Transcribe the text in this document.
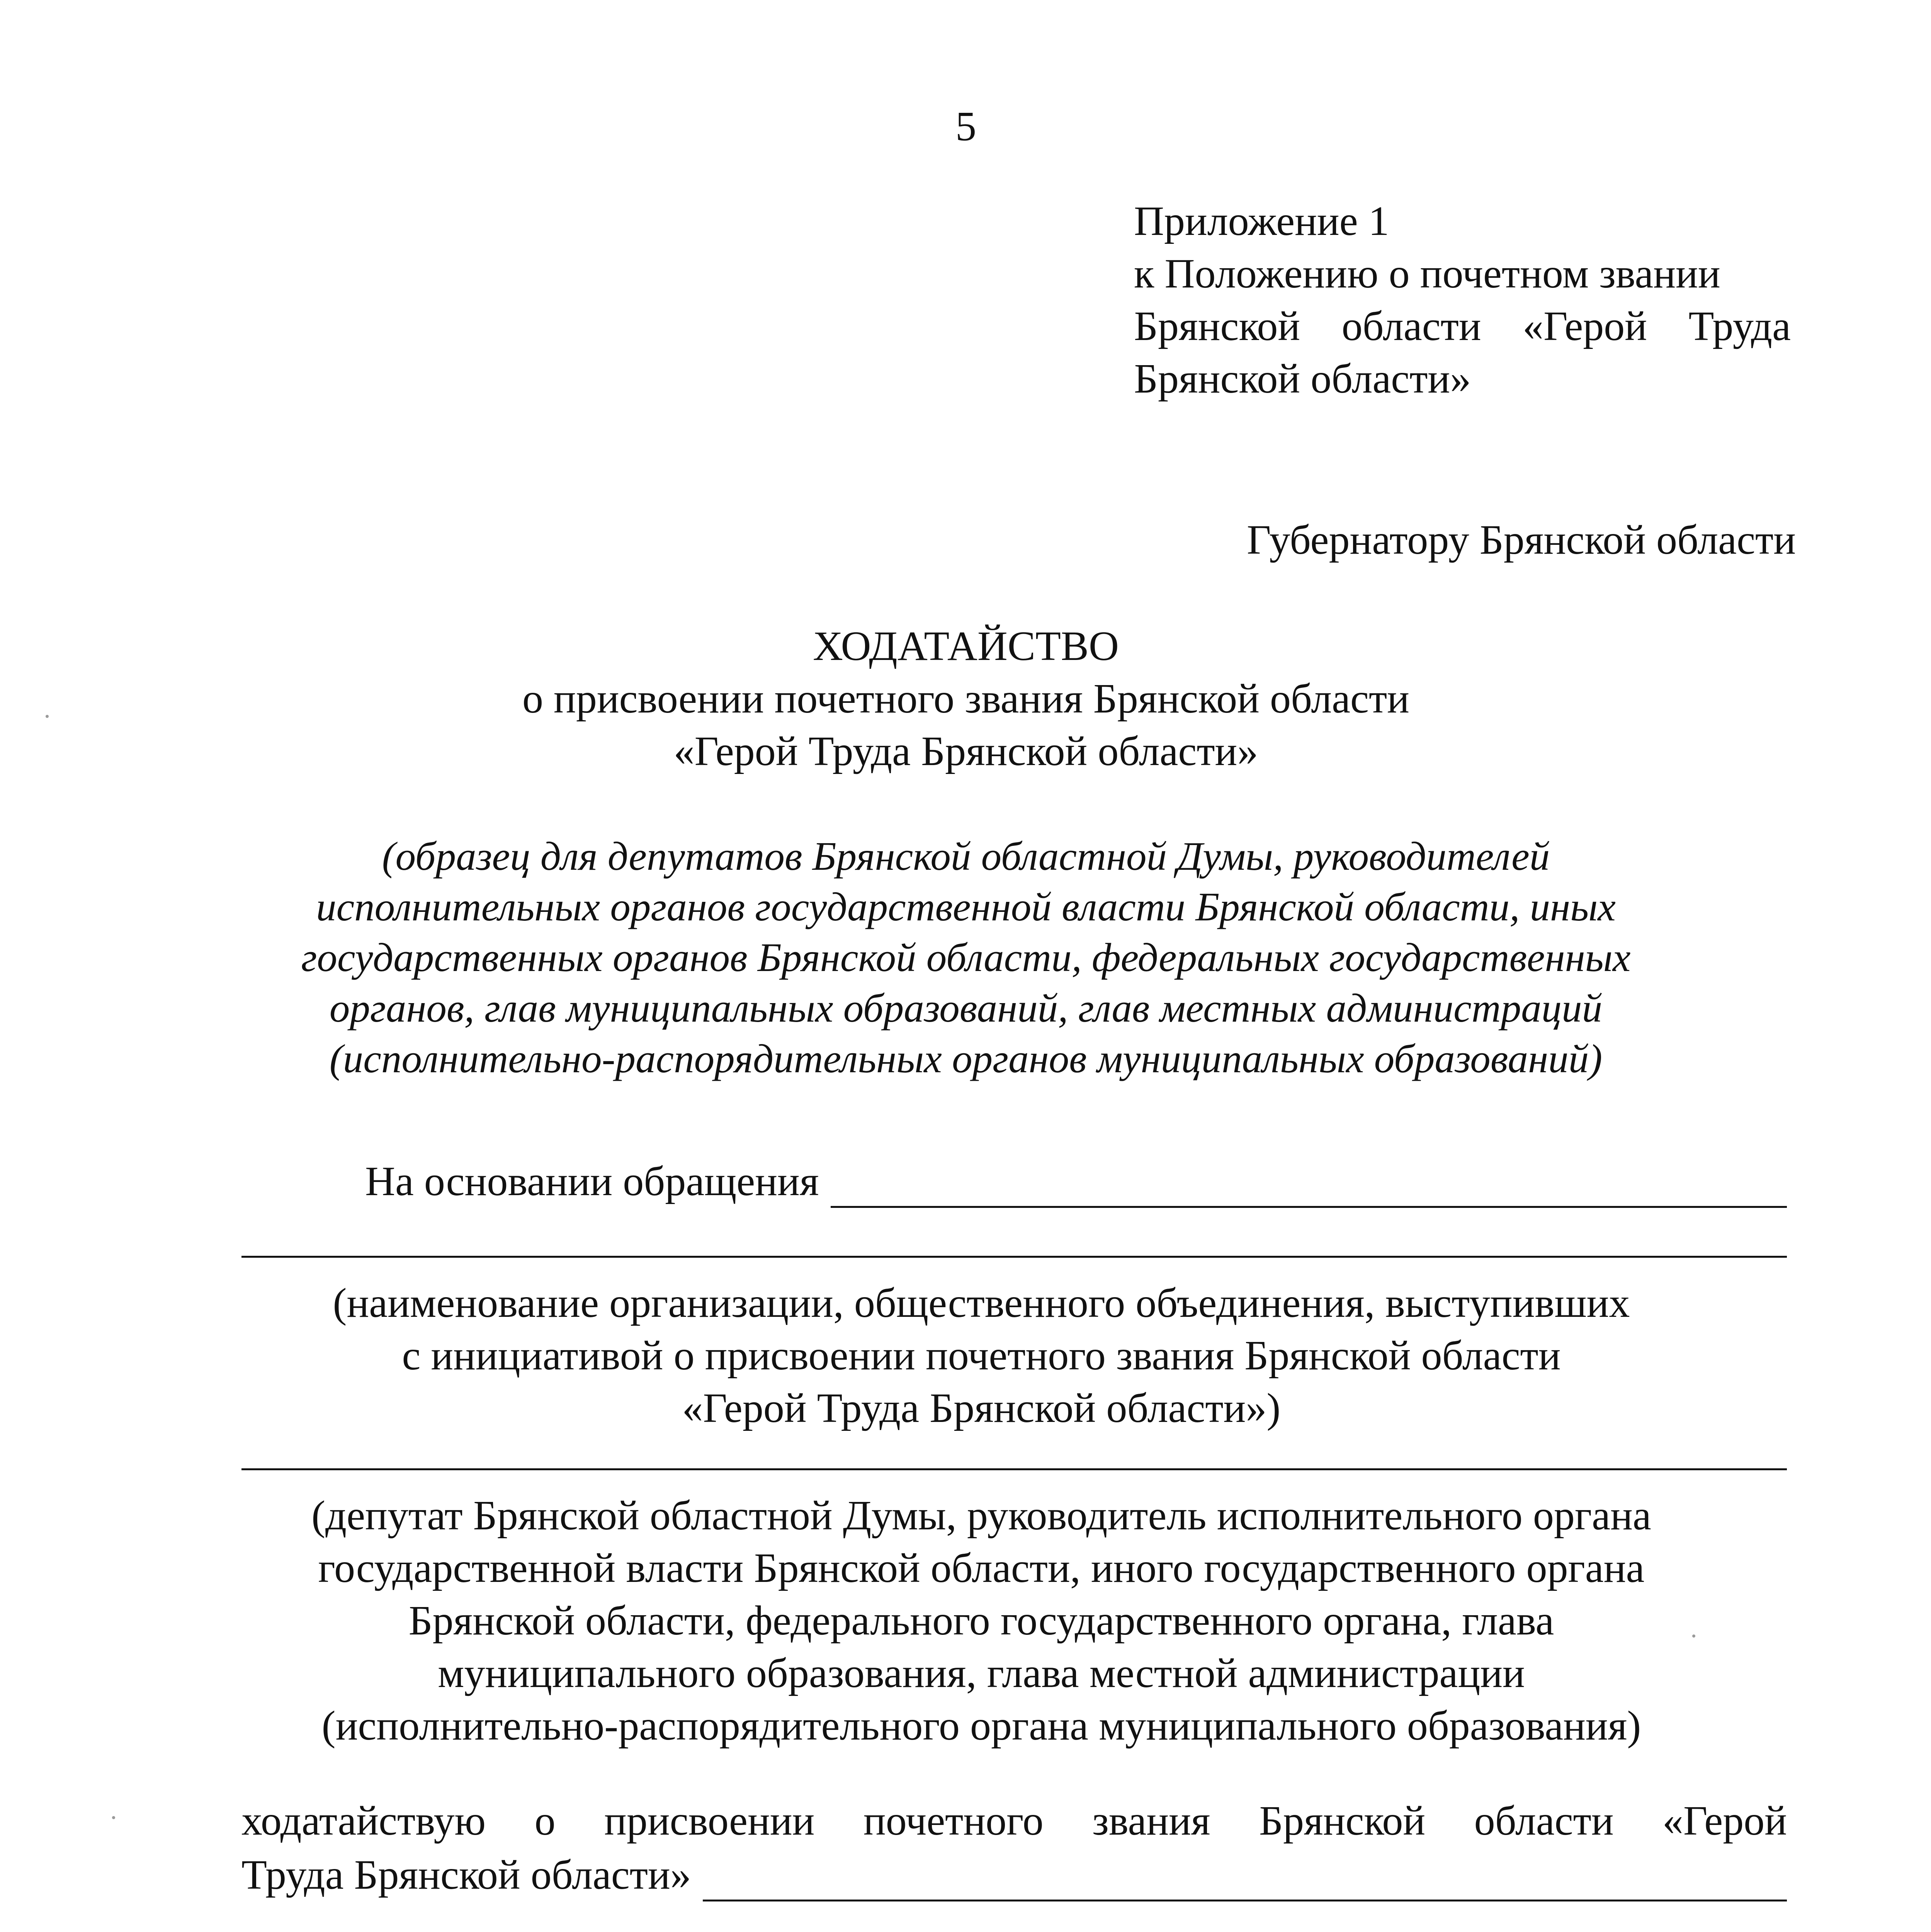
5
Приложение 1
к Положению о почетном звании
Брянской области «Герой Труда
Брянской области»
Губернатору Брянской области
ХОДАТАЙСТВО
о присвоении почетного звания Брянской области
«Герой Труда Брянской области»
(образец для депутатов Брянской областной Думы, руководителей
исполнительных органов государственной власти Брянской области, иных
государственных органов Брянской области, федеральных государственных
органов, глав муниципальных образований, глав местных администраций
(исполнительно-распорядительных органов муниципальных образований)
На основании обращения
(наименование организации, общественного объединения, выступивших
с инициативой о присвоении почетного звания Брянской области
«Герой Труда Брянской области»)
(депутат Брянской областной Думы, руководитель исполнительного органа
государственной власти Брянской области, иного государственного органа
Брянской области, федерального государственного органа, глава
муниципального образования, глава местной администрации
(исполнительно-распорядительного органа муниципального образования)
ходатайствую о присвоении почетного звания Брянской области «Герой
Труда Брянской области»
